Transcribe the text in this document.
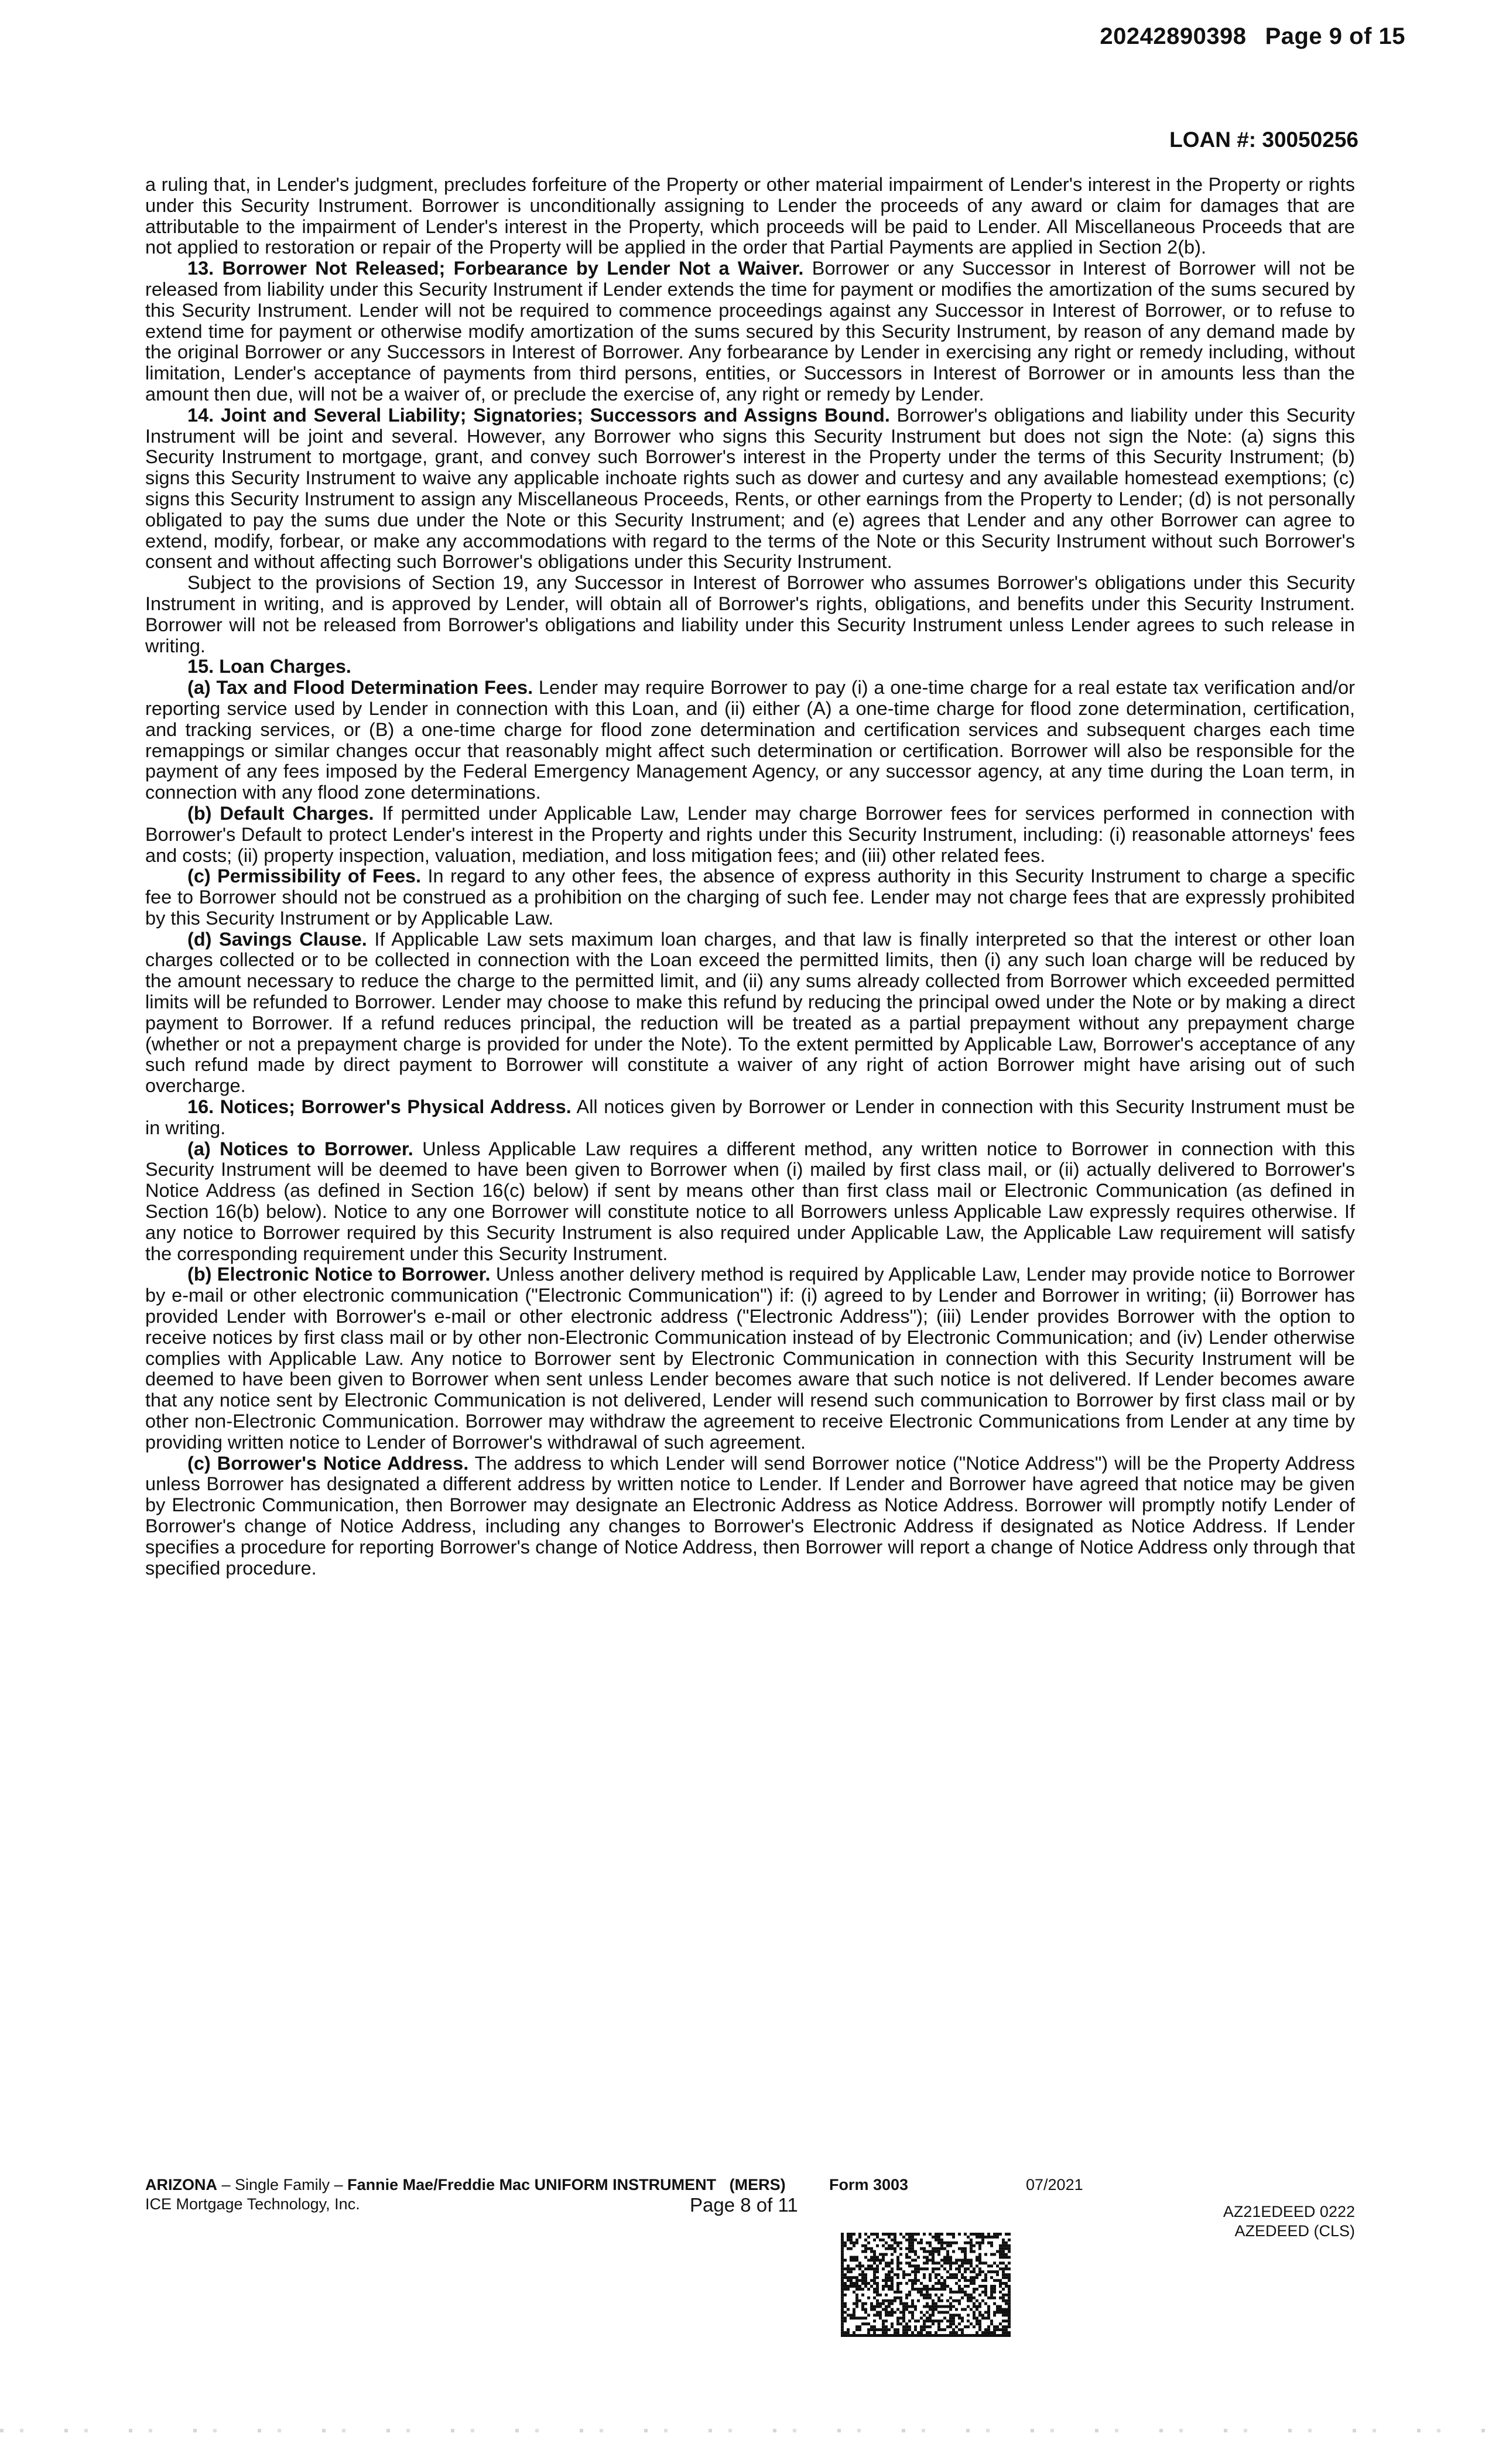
20242890398 Page 9 of 15
LOAN #: 30050256

a ruling that, in Lender's judgment, precludes forfeiture of the Property or other material impairment of Lender's interest in the Property or rights under this Security Instrument. Borrower is unconditionally assigning to Lender the proceeds of any award or claim for damages that are attributable to the impairment of Lender's interest in the Property, which proceeds will be paid to Lender. All Miscellaneous Proceeds that are not applied to restoration or repair of the Property will be applied in the order that Partial Payments are applied in Section 2(b).

13. Borrower Not Released; Forbearance by Lender Not a Waiver. Borrower or any Successor in Interest of Borrower will not be released from liability under this Security Instrument if Lender extends the time for payment or modifies the amortization of the sums secured by this Security Instrument. Lender will not be required to commence proceedings against any Successor in Interest of Borrower, or to refuse to extend time for payment or otherwise modify amortization of the sums secured by this Security Instrument, by reason of any demand made by the original Borrower or any Successors in Interest of Borrower. Any forbearance by Lender in exercising any right or remedy including, without limitation, Lender's acceptance of payments from third persons, entities, or Successors in Interest of Borrower or in amounts less than the amount then due, will not be a waiver of, or preclude the exercise of, any right or remedy by Lender.

14. Joint and Several Liability; Signatories; Successors and Assigns Bound. Borrower's obligations and liability under this Security Instrument will be joint and several. However, any Borrower who signs this Security Instrument but does not sign the Note: (a) signs this Security Instrument to mortgage, grant, and convey such Borrower's interest in the Property under the terms of this Security Instrument; (b) signs this Security Instrument to waive any applicable inchoate rights such as dower and curtesy and any available homestead exemptions; (c) signs this Security Instrument to assign any Miscellaneous Proceeds, Rents, or other earnings from the Property to Lender; (d) is not personally obligated to pay the sums due under the Note or this Security Instrument; and (e) agrees that Lender and any other Borrower can agree to extend, modify, forbear, or make any accommodations with regard to the terms of the Note or this Security Instrument without such Borrower's consent and without affecting such Borrower's obligations under this Security Instrument.

Subject to the provisions of Section 19, any Successor in Interest of Borrower who assumes Borrower's obligations under this Security Instrument in writing, and is approved by Lender, will obtain all of Borrower's rights, obligations, and benefits under this Security Instrument. Borrower will not be released from Borrower's obligations and liability under this Security Instrument unless Lender agrees to such release in writing.

15. Loan Charges.

(a) Tax and Flood Determination Fees. Lender may require Borrower to pay (i) a one-time charge for a real estate tax verification and/or reporting service used by Lender in connection with this Loan, and (ii) either (A) a one-time charge for flood zone determination, certification, and tracking services, or (B) a one-time charge for flood zone determination and certification services and subsequent charges each time remappings or similar changes occur that reasonably might affect such determination or certification. Borrower will also be responsible for the payment of any fees imposed by the Federal Emergency Management Agency, or any successor agency, at any time during the Loan term, in connection with any flood zone determinations.

(b) Default Charges. If permitted under Applicable Law, Lender may charge Borrower fees for services performed in connection with Borrower's Default to protect Lender's interest in the Property and rights under this Security Instrument, including: (i) reasonable attorneys' fees and costs; (ii) property inspection, valuation, mediation, and loss mitigation fees; and (iii) other related fees.

(c) Permissibility of Fees. In regard to any other fees, the absence of express authority in this Security Instrument to charge a specific fee to Borrower should not be construed as a prohibition on the charging of such fee. Lender may not charge fees that are expressly prohibited by this Security Instrument or by Applicable Law.

(d) Savings Clause. If Applicable Law sets maximum loan charges, and that law is finally interpreted so that the interest or other loan charges collected or to be collected in connection with the Loan exceed the permitted limits, then (i) any such loan charge will be reduced by the amount necessary to reduce the charge to the permitted limit, and (ii) any sums already collected from Borrower which exceeded permitted limits will be refunded to Borrower. Lender may choose to make this refund by reducing the principal owed under the Note or by making a direct payment to Borrower. If a refund reduces principal, the reduction will be treated as a partial prepayment without any prepayment charge (whether or not a prepayment charge is provided for under the Note). To the extent permitted by Applicable Law, Borrower's acceptance of any such refund made by direct payment to Borrower will constitute a waiver of any right of action Borrower might have arising out of such overcharge.

16. Notices; Borrower's Physical Address. All notices given by Borrower or Lender in connection with this Security Instrument must be in writing.

(a) Notices to Borrower. Unless Applicable Law requires a different method, any written notice to Borrower in connection with this Security Instrument will be deemed to have been given to Borrower when (i) mailed by first class mail, or (ii) actually delivered to Borrower's Notice Address (as defined in Section 16(c) below) if sent by means other than first class mail or Electronic Communication (as defined in Section 16(b) below). Notice to any one Borrower will constitute notice to all Borrowers unless Applicable Law expressly requires otherwise. If any notice to Borrower required by this Security Instrument is also required under Applicable Law, the Applicable Law requirement will satisfy the corresponding requirement under this Security Instrument.

(b) Electronic Notice to Borrower. Unless another delivery method is required by Applicable Law, Lender may provide notice to Borrower by e-mail or other electronic communication ("Electronic Communication") if: (i) agreed to by Lender and Borrower in writing; (ii) Borrower has provided Lender with Borrower's e-mail or other electronic address ("Electronic Address"); (iii) Lender provides Borrower with the option to receive notices by first class mail or by other non-Electronic Communication instead of by Electronic Communication; and (iv) Lender otherwise complies with Applicable Law. Any notice to Borrower sent by Electronic Communication in connection with this Security Instrument will be deemed to have been given to Borrower when sent unless Lender becomes aware that such notice is not delivered. If Lender becomes aware that any notice sent by Electronic Communication is not delivered, Lender will resend such communication to Borrower by first class mail or by other non-Electronic Communication. Borrower may withdraw the agreement to receive Electronic Communications from Lender at any time by providing written notice to Lender of Borrower's withdrawal of such agreement.

(c) Borrower's Notice Address. The address to which Lender will send Borrower notice ("Notice Address") will be the Property Address unless Borrower has designated a different address by written notice to Lender. If Lender and Borrower have agreed that notice may be given by Electronic Communication, then Borrower may designate an Electronic Address as Notice Address. Borrower will promptly notify Lender of Borrower's change of Notice Address, including any changes to Borrower's Electronic Address if designated as Notice Address. If Lender specifies a procedure for reporting Borrower's change of Notice Address, then Borrower will report a change of Notice Address only through that specified procedure.

ARIZONA – Single Family – Fannie Mae/Freddie Mac UNIFORM INSTRUMENT (MERS)
ICE Mortgage Technology, Inc.
Form 3003	07/2021
Page 8 of 11	AZ21EDEED 0222
AZEDEED (CLS)
